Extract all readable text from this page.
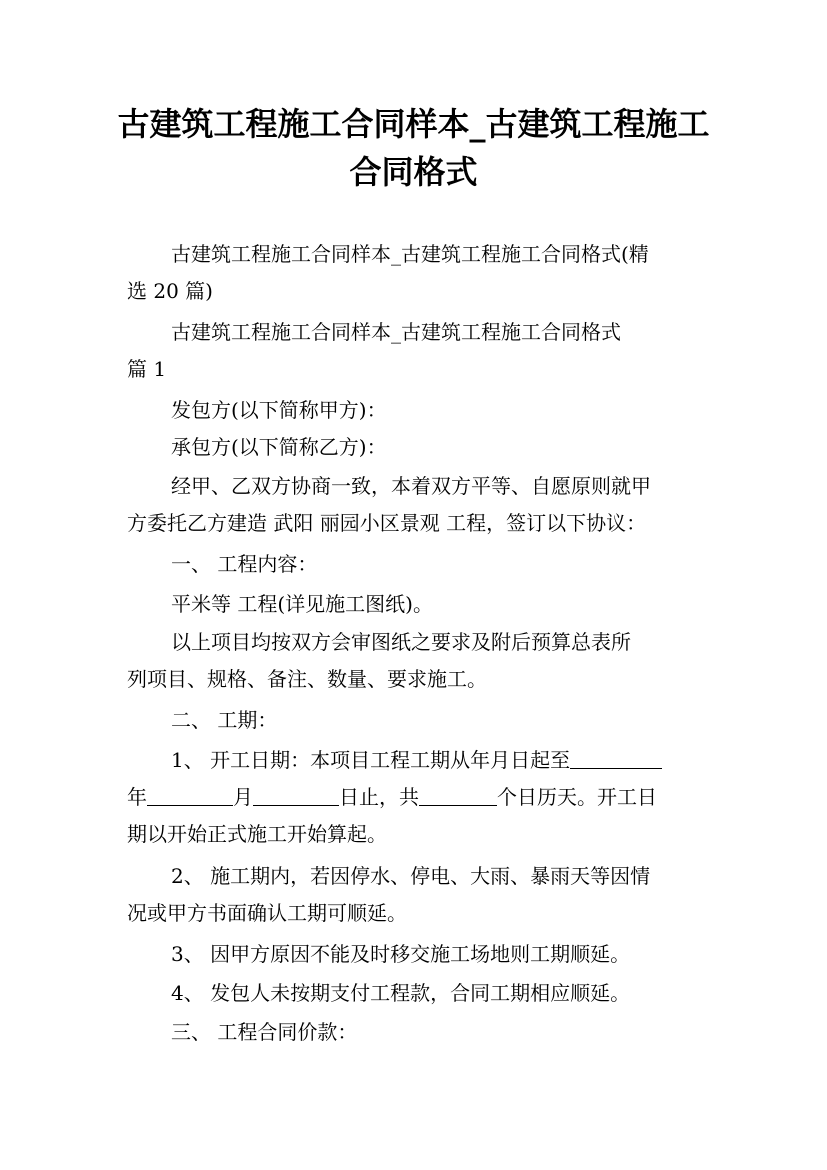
古建筑工程施工合同样本_古建筑工程施工
合同格式
古建筑工程施工合同样本_古建筑工程施工合同格式(精
选 20 篇)
古建筑工程施工合同样本_古建筑工程施工合同格式
篇 1
发包方(以下简称甲方)：
承包方(以下简称乙方)：
经甲、乙双方协商一致，本着双方平等、自愿原则就甲
方委托乙方建造 武阳 丽园小区景观 工程，签订以下协议：
一、 工程内容：
平米等 工程(详见施工图纸)。
以上项目均按双方会审图纸之要求及附后预算总表所
列项目、规格、备注、数量、要求施工。
二、 工期：
1、 开工日期：本项目工程工期从年月日起至
年	月	日止，共	个日历天。开工日
期以开始正式施工开始算起。
2、 施工期内，若因停水、停电、大雨、暴雨天等因情
况或甲方书面确认工期可顺延。
3、 因甲方原因不能及时移交施工场地则工期顺延。
4、 发包人未按期支付工程款，合同工期相应顺延。
三、 工程合同价款：
